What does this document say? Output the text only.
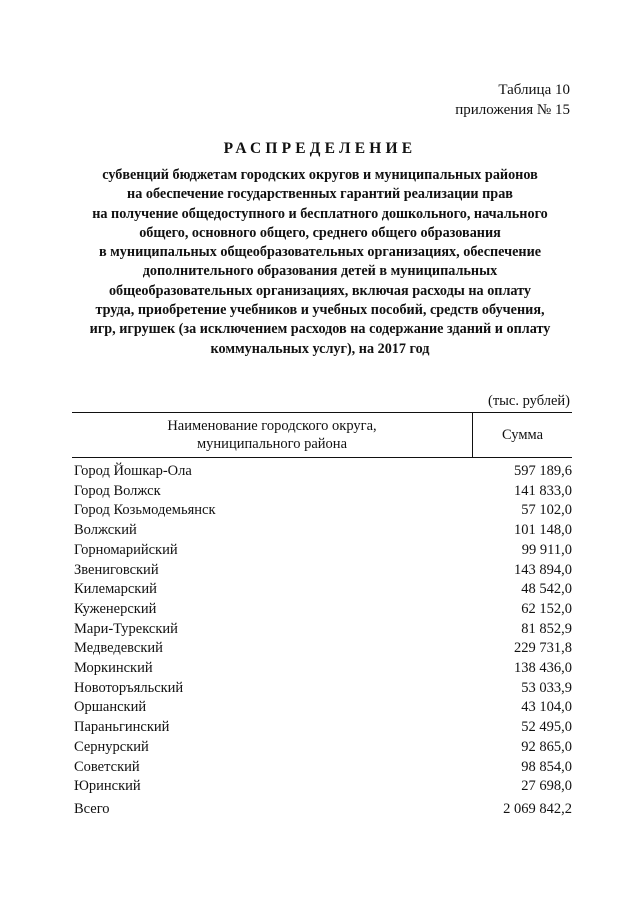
Таблица 10
приложения № 15
РАСПРЕДЕЛЕНИЕ
субвенций бюджетам городских округов и муниципальных районов
на обеспечение государственных гарантий реализации прав
на получение общедоступного и бесплатного дошкольного, начального
общего, основного общего, среднего общего образования
в муниципальных общеобразовательных организациях, обеспечение
дополнительного образования детей в муниципальных
общеобразовательных организациях, включая расходы на оплату
труда, приобретение учебников и учебных пособий, средств обучения,
игр, игрушек (за исключением расходов на содержание зданий и оплату
коммунальных услуг), на 2017 год
(тыс. рублей)
Наименование городского округа,
муниципального района	Сумма
Город Йошкар-Ола	597 189,6
Город Волжск	141 833,0
Город Козьмодемьянск	57 102,0
Волжский	101 148,0
Горномарийский	99 911,0
Звениговский	143 894,0
Килемарский	48 542,0
Куженерский	62 152,0
Мари-Турекский	81 852,9
Медведевский	229 731,8
Моркинский	138 436,0
Новоторъяльский	53 033,9
Оршанский	43 104,0
Параньгинский	52 495,0
Сернурский	92 865,0
Советский	98 854,0
Юринский	27 698,0
Всего	2 069 842,2
